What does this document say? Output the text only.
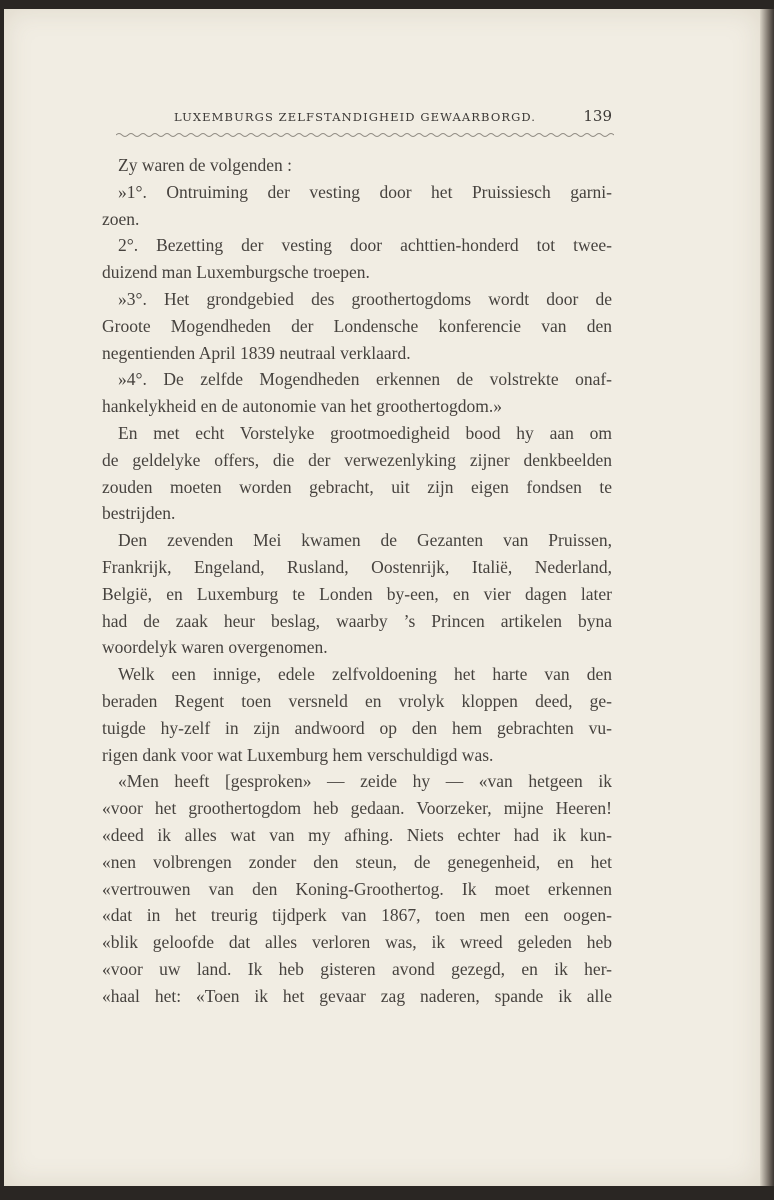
LUXEMBURGS ZELFSTANDIGHEID GEWAARBORGD.	139
Zy waren de volgenden :
»1°. Ontruiming der vesting door het Pruissiesch garni-
zoen.
2°. Bezetting der vesting door achttien-honderd tot twee-
duizend man Luxemburgsche troepen.
»3°. Het grondgebied des groothertogdoms wordt door de
Groote Mogendheden der Londensche konferencie van den
negentienden April 1839 neutraal verklaard.
»4°. De zelfde Mogendheden erkennen de volstrekte onaf-
hankelykheid en de autonomie van het groothertogdom.»
En met echt Vorstelyke grootmoedigheid bood hy aan om
de geldelyke offers, die der verwezenlyking zijner denkbeelden
zouden moeten worden gebracht, uit zijn eigen fondsen te
bestrijden.
Den zevenden Mei kwamen de Gezanten van Pruissen,
Frankrijk, Engeland, Rusland, Oostenrijk, Italië, Nederland,
België, en Luxemburg te Londen by-een, en vier dagen later
had de zaak heur beslag, waarby ’s Princen artikelen byna
woordelyk waren overgenomen.
Welk een innige, edele zelfvoldoening het harte van den
beraden Regent toen versneld en vrolyk kloppen deed, ge-
tuigde hy-zelf in zijn andwoord op den hem gebrachten vu-
rigen dank voor wat Luxemburg hem verschuldigd was.
«Men heeft [gesproken» — zeide hy — «van hetgeen ik
«voor het groothertogdom heb gedaan. Voorzeker, mijne Heeren!
«deed ik alles wat van my afhing. Niets echter had ik kun-
«nen volbrengen zonder den steun, de genegenheid, en het
«vertrouwen van den Koning-Groothertog. Ik moet erkennen
«dat in het treurig tijdperk van 1867, toen men een oogen-
«blik geloofde dat alles verloren was, ik wreed geleden heb
«voor uw land. Ik heb gisteren avond gezegd, en ik her-
«haal het: «Toen ik het gevaar zag naderen, spande ik alle
